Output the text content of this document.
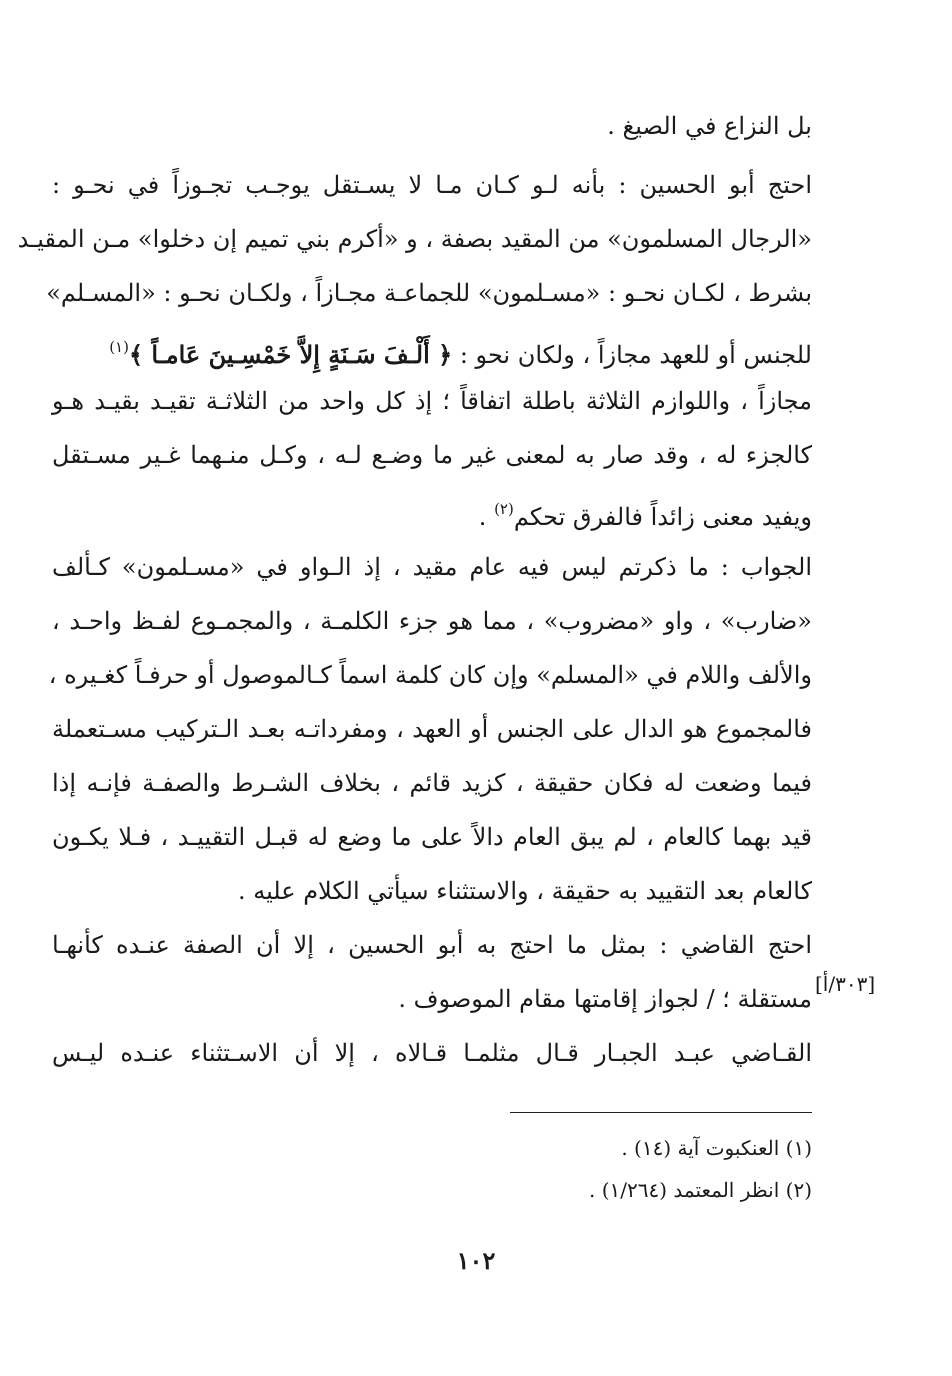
بل النزاع في الصيغ .
احتج أبو الحسين : بأنه لـو كـان مـا لا يسـتقل يوجـب تجـوزاً في نحـو :
«الرجال المسلمون» من المقيد بصفة ، و «أكرم بني تميم إن دخلوا» مـن المقيـد
بشرط ، لكـان نحـو : «مسـلمون» للجماعـة مجـازاً ، ولكـان نحـو : «المسـلم»
للجنس أو للعهد مجازاً ، ولكان نحو : ﴿ أَلْـفَ سَـنَةٍ إِلاَّ خَمْسِـينَ عَامـاً ﴾$^{(١)}$
مجازاً ، واللوازم الثلاثة باطلة اتفاقاً ؛ إذ كل واحد من الثلاثـة تقيـد بقيـد هـو
كالجزء له ، وقد صار به لمعنى غير ما وضـع لـه ، وكـل منـهما غـير مسـتقل
ويفيد معنى زائداً فالفرق تحكم$^{(٢)}$ .
الجواب : ما ذكرتم ليس فيه عام مقيد ، إذ الـواو في «مسـلمون» كـألف
«ضارب» ، واو «مضروب» ، مما هو جزء الكلمـة ، والمجمـوع لفـظ واحـد ،
والألف واللام في «المسلم» وإن كان كلمة اسماً كـالموصول أو حرفـاً كغـيره ،
فالمجموع هو الدال على الجنس أو العهد ، ومفرداتـه بعـد الـتركيب مسـتعملة
فيما وضعت له فكان حقيقة ، كزيد قائم ، بخلاف الشـرط والصفـة فإنـه إذا
قيد بهما كالعام ، لم يبق العام دالاً على ما وضع له قبـل التقييـد ، فـلا يكـون
كالعام بعد التقييد به حقيقة ، والاستثناء سيأتي الكلام عليه .
احتج القاضي : بمثل ما احتج به أبو الحسين ، إلا أن الصفة عنـده كأنهـا
مستقلة ؛ / لجواز إقامتها مقام الموصوف .
القـاضي عبـد الجبـار قـال مثلمـا قـالاه ، إلا أن الاسـتثناء عنـده ليـس
[٣٠٣/أ]
(١) العنكبوت آية (١٤) .
(٢) انظر المعتمد (١/٢٦٤) .
١٠٢
